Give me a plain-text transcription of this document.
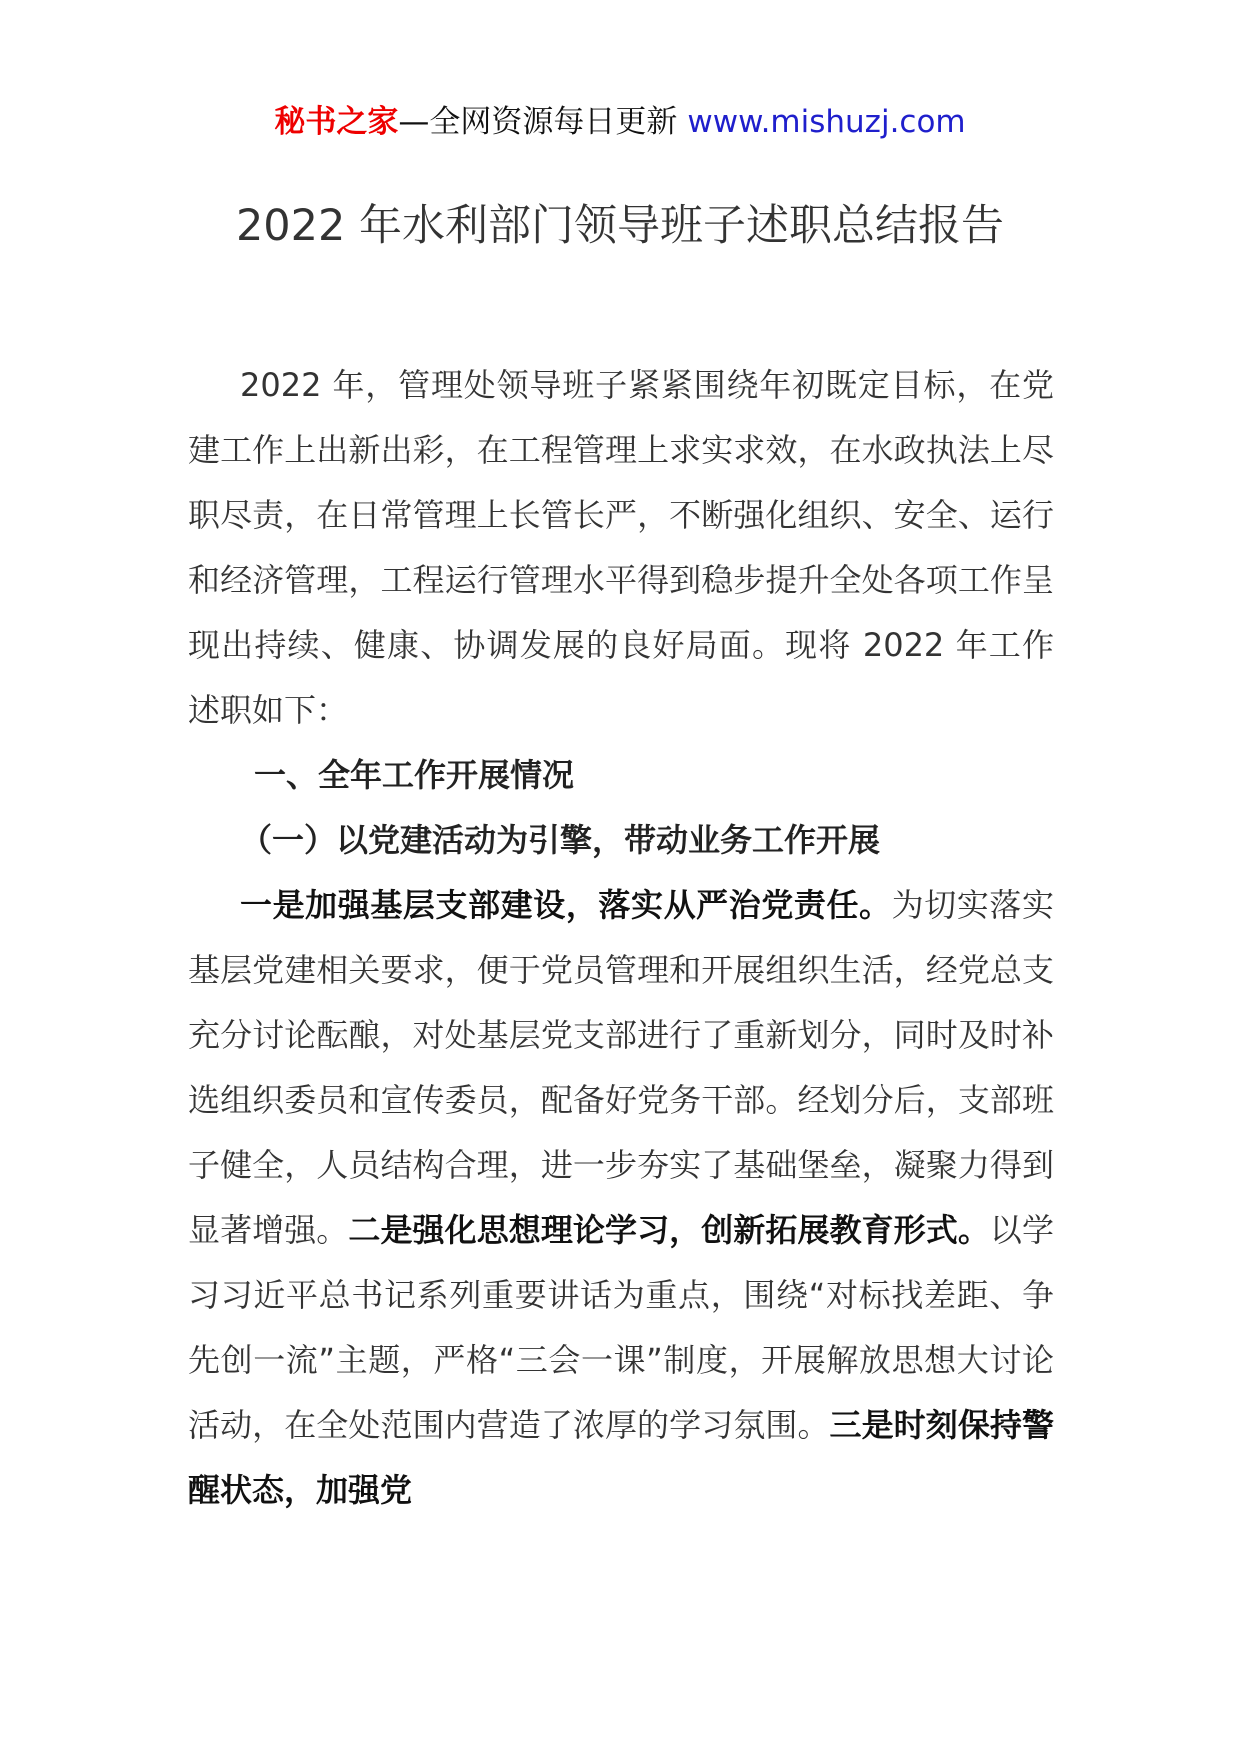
秘书之家—全网资源每日更新 www.mishuzj.com
2022 年水利部门领导班子述职总结报告

2022 年，管理处领导班子紧紧围绕年初既定目标，在党建工作上出新出彩，在工程管理上求实求效，在水政执法上尽职尽责，在日常管理上长管长严，不断强化组织、安全、运行和经济管理，工程运行管理水平得到稳步提升全处各项工作呈现出持续、健康、协调发展的良好局面。现将 2022 年工作述职如下：

一、全年工作开展情况

（一）以党建活动为引擎，带动业务工作开展

一是加强基层支部建设，落实从严治党责任。为切实落实基层党建相关要求，便于党员管理和开展组织生活，经党总支充分讨论酝酿，对处基层党支部进行了重新划分，同时及时补选组织委员和宣传委员，配备好党务干部。经划分后，支部班子健全，人员结构合理，进一步夯实了基础堡垒，凝聚力得到显著增强。二是强化思想理论学习，创新拓展教育形式。以学习习近平总书记系列重要讲话为重点，围绕“对标找差距、争先创一流”主题，严格“三会一课”制度，开展解放思想大讨论活动，在全处范围内营造了浓厚的学习氛围。三是时刻保持警醒状态，加强党
